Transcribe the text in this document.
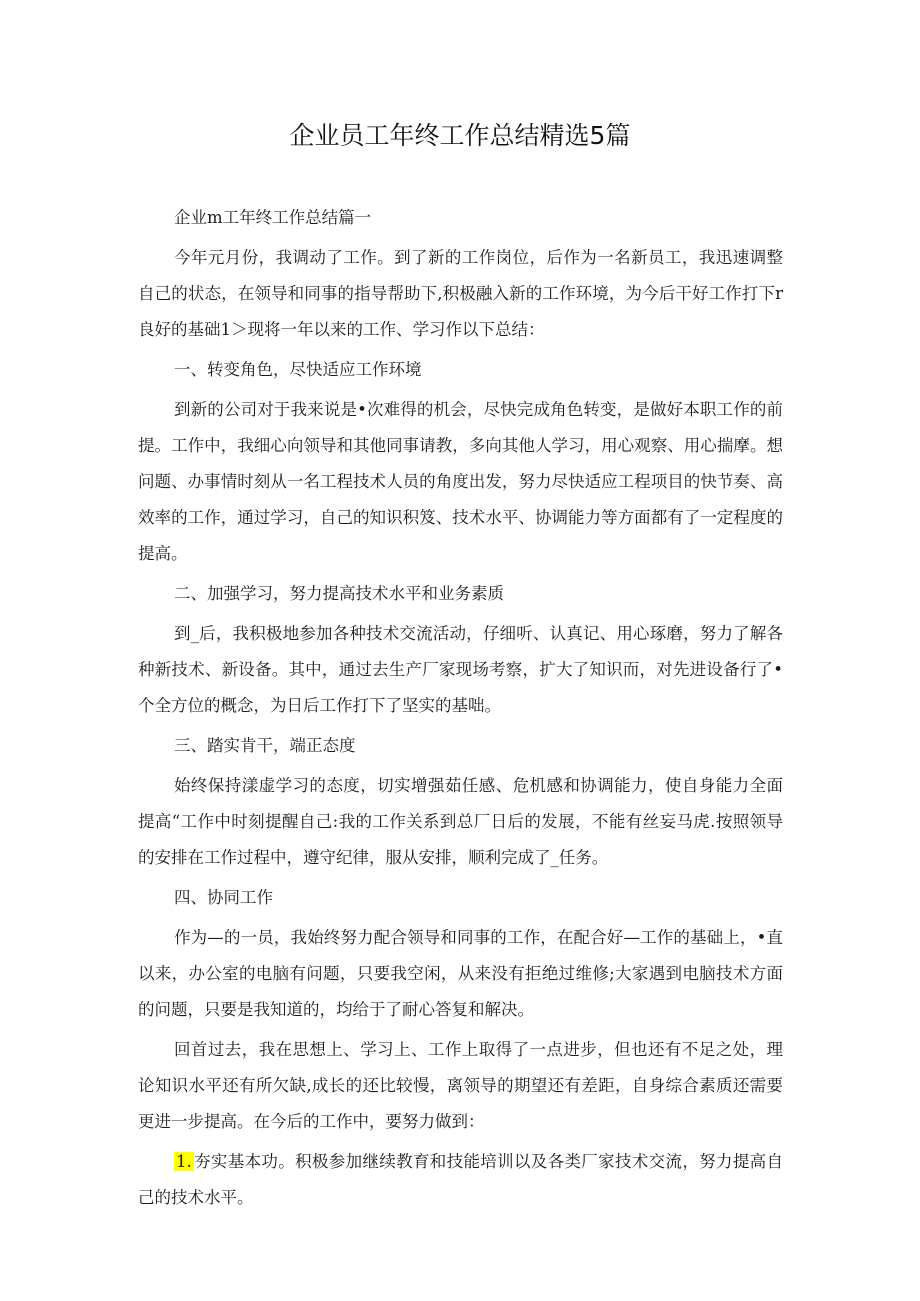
企业员工年终工作总结精选5篇

企业m工年终工作总结篇一

今年元月份，我调动了工作。到了新的工作岗位，后作为一名新员工，我迅速调整自己的状态，在领导和同事的指导帮助下,积极融入新的工作环境，为今后干好工作打下r良好的基础1＞现将一年以来的工作、学习作以下总结：

一、转变角色，尽快适应工作环境

到新的公司对于我来说是•次难得的机会，尽快完成角色转变，是做好本职工作的前提。工作中，我细心向领导和其他同事请教，多向其他人学习，用心观察、用心揣摩。想问题、办事情时刻从一名工程技术人员的角度出发，努力尽快适应工程项目的快节奏、高效率的工作，通过学习，自己的知识积笈、技术水平、协调能力等方面都有了一定程度的提高。

二、加强学习，努力提高技术水平和业务素质

到_后，我积极地参加各种技术交流活动，仔细听、认真记、用心琢磨，努力了解各种新技术、新设备。其中，通过去生产厂家现场考察，扩大了知识而，对先进设备行了•个全方位的概念，为日后工作打下了坚实的基咄。

三、踏实肯干，端正态度

始终保持漾虚学习的态度，切实增强茹任感、危机感和协调能力，使自身能力全面提高“工作中时刻提醒自己:我的工作关系到总厂日后的发展，不能有丝妄马虎.按照领导的安排在工作过程中，遵守纪律，服从安排，顺利完成了_任务。

四、协同工作

作为—的一员，我始终努力配合领导和同事的工作，在配合好—工作的基础上，•直以来，办公室的电脑有问题，只要我空闲，从来没有拒绝过维修;大家遇到电脑技术方面的问题，只要是我知道的，均给于了耐心答复和解决。

回首过去，我在思想上、学习上、工作上取得了一点进步，但也还有不足之处，理论知识水平还有所欠缺,成长的还比较慢，离领导的期望还有差距，自身综合素质还需要更进一步提高。在今后的工作中，要努力做到：

1. 夯实基本功。积极参加继续教育和技能培训以及各类厂家技术交流，努力提高自己的技术水平。
